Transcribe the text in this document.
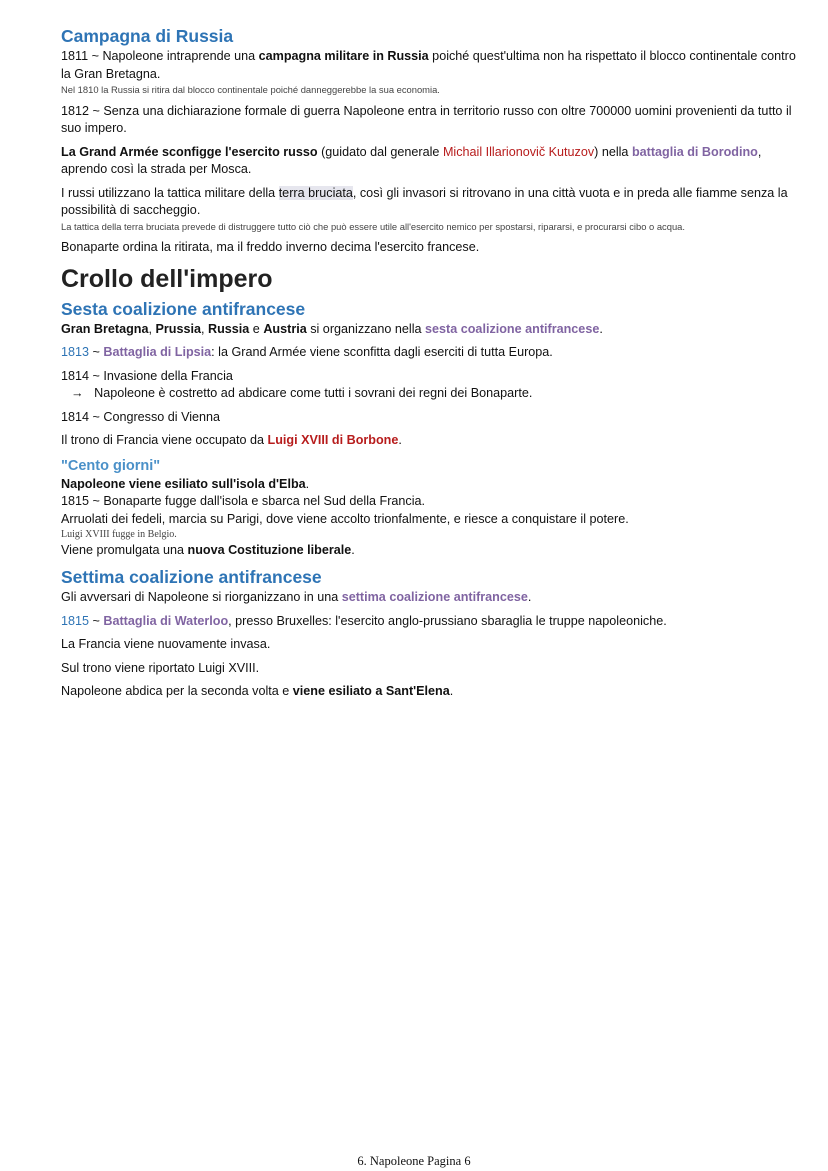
Campagna di Russia

1811 ~ Napoleone intraprende una campagna militare in Russia poiché quest'ultima non ha rispettato il blocco continentale contro la Gran Bretagna.

Nel 1810 la Russia si ritira dal blocco continentale poiché danneggerebbe la sua economia.

1812 ~ Senza una dichiarazione formale di guerra Napoleone entra in territorio russo con oltre 700000 uomini provenienti da tutto il suo impero.

La Grand Armée sconfigge l'esercito russo (guidato dal generale Michail Illarionovič Kutuzov) nella battaglia di Borodino, aprendo così la strada per Mosca.

I russi utilizzano la tattica militare della terra bruciata, così gli invasori si ritrovano in una città vuota e in preda alle fiamme senza la possibilità di saccheggio.

La tattica della terra bruciata prevede di distruggere tutto ciò che può essere utile all'esercito nemico per spostarsi, ripararsi, e procurarsi cibo o acqua.

Bonaparte ordina la ritirata, ma il freddo inverno decima l'esercito francese.

Crollo dell'impero
Sesta coalizione antifrancese

Gran Bretagna, Prussia, Russia e Austria si organizzano nella sesta coalizione antifrancese.

1813 ~ Battaglia di Lipsia: la Grand Armée viene sconfitta dagli eserciti di tutta Europa.

1814 ~ Invasione della Francia

→ Napoleone è costretto ad abdicare come tutti i sovrani dei regni dei Bonaparte.

1814 ~ Congresso di Vienna

Il trono di Francia viene occupato da Luigi XVIII di Borbone.

"Cento giorni"

Napoleone viene esiliato sull'isola d'Elba.

1815 ~ Bonaparte fugge dall'isola e sbarca nel Sud della Francia.

Arruolati dei fedeli, marcia su Parigi, dove viene accolto trionfalmente, e riesce a conquistare il potere.

Luigi XVIII fugge in Belgio.

Viene promulgata una nuova Costituzione liberale.

Settima coalizione antifrancese

Gli avversari di Napoleone si riorganizzano in una settima coalizione antifrancese.

1815 ~ Battaglia di Waterloo, presso Bruxelles: l'esercito anglo-prussiano sbaraglia le truppe napoleoniche.

La Francia viene nuovamente invasa.

Sul trono viene riportato Luigi XVIII.

Napoleone abdica per la seconda volta e viene esiliato a Sant'Elena.

6. Napoleone Pagina 6
